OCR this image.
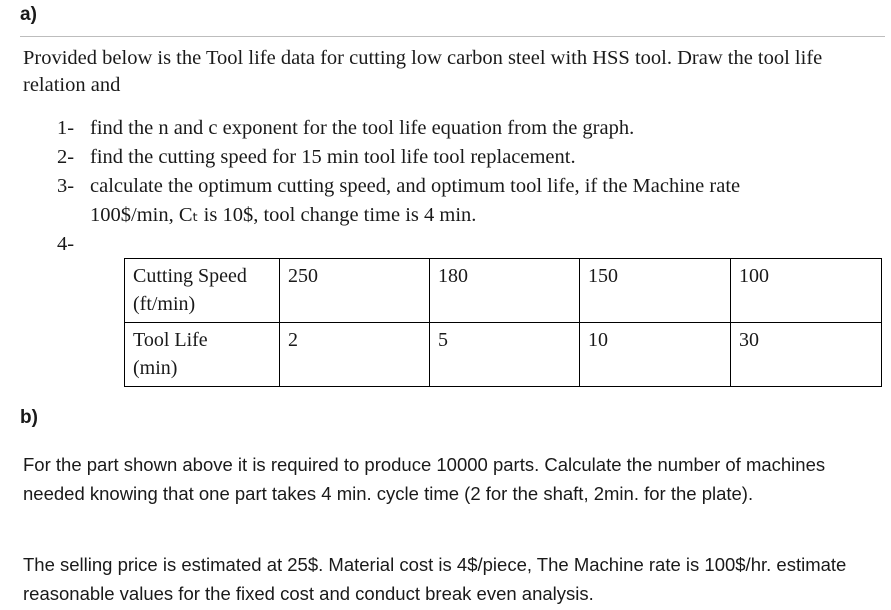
a)
Provided below is the Tool life data for cutting low carbon steel with HSS tool. Draw the tool life relation and
1- find the n and c exponent for the tool life equation from the graph.
2- find the cutting speed for 15 min tool life tool replacement.
3- calculate the optimum cutting speed, and optimum tool life, if the Machine rate
100$/min, Cₜ is 10$, tool change time is 4 min.
4-
Cutting Speed
(ft/min)	250	180	150	100

Tool Life
(min)	2	5	10	30
b)
For the part shown above it is required to produce 10000 parts. Calculate the number of machines needed knowing that one part takes 4 min. cycle time (2 for the shaft, 2min. for the plate).
The selling price is estimated at 25$. Material cost is 4$/piece, The Machine rate is 100$/hr. estimate reasonable values for the fixed cost and conduct break even analysis.
